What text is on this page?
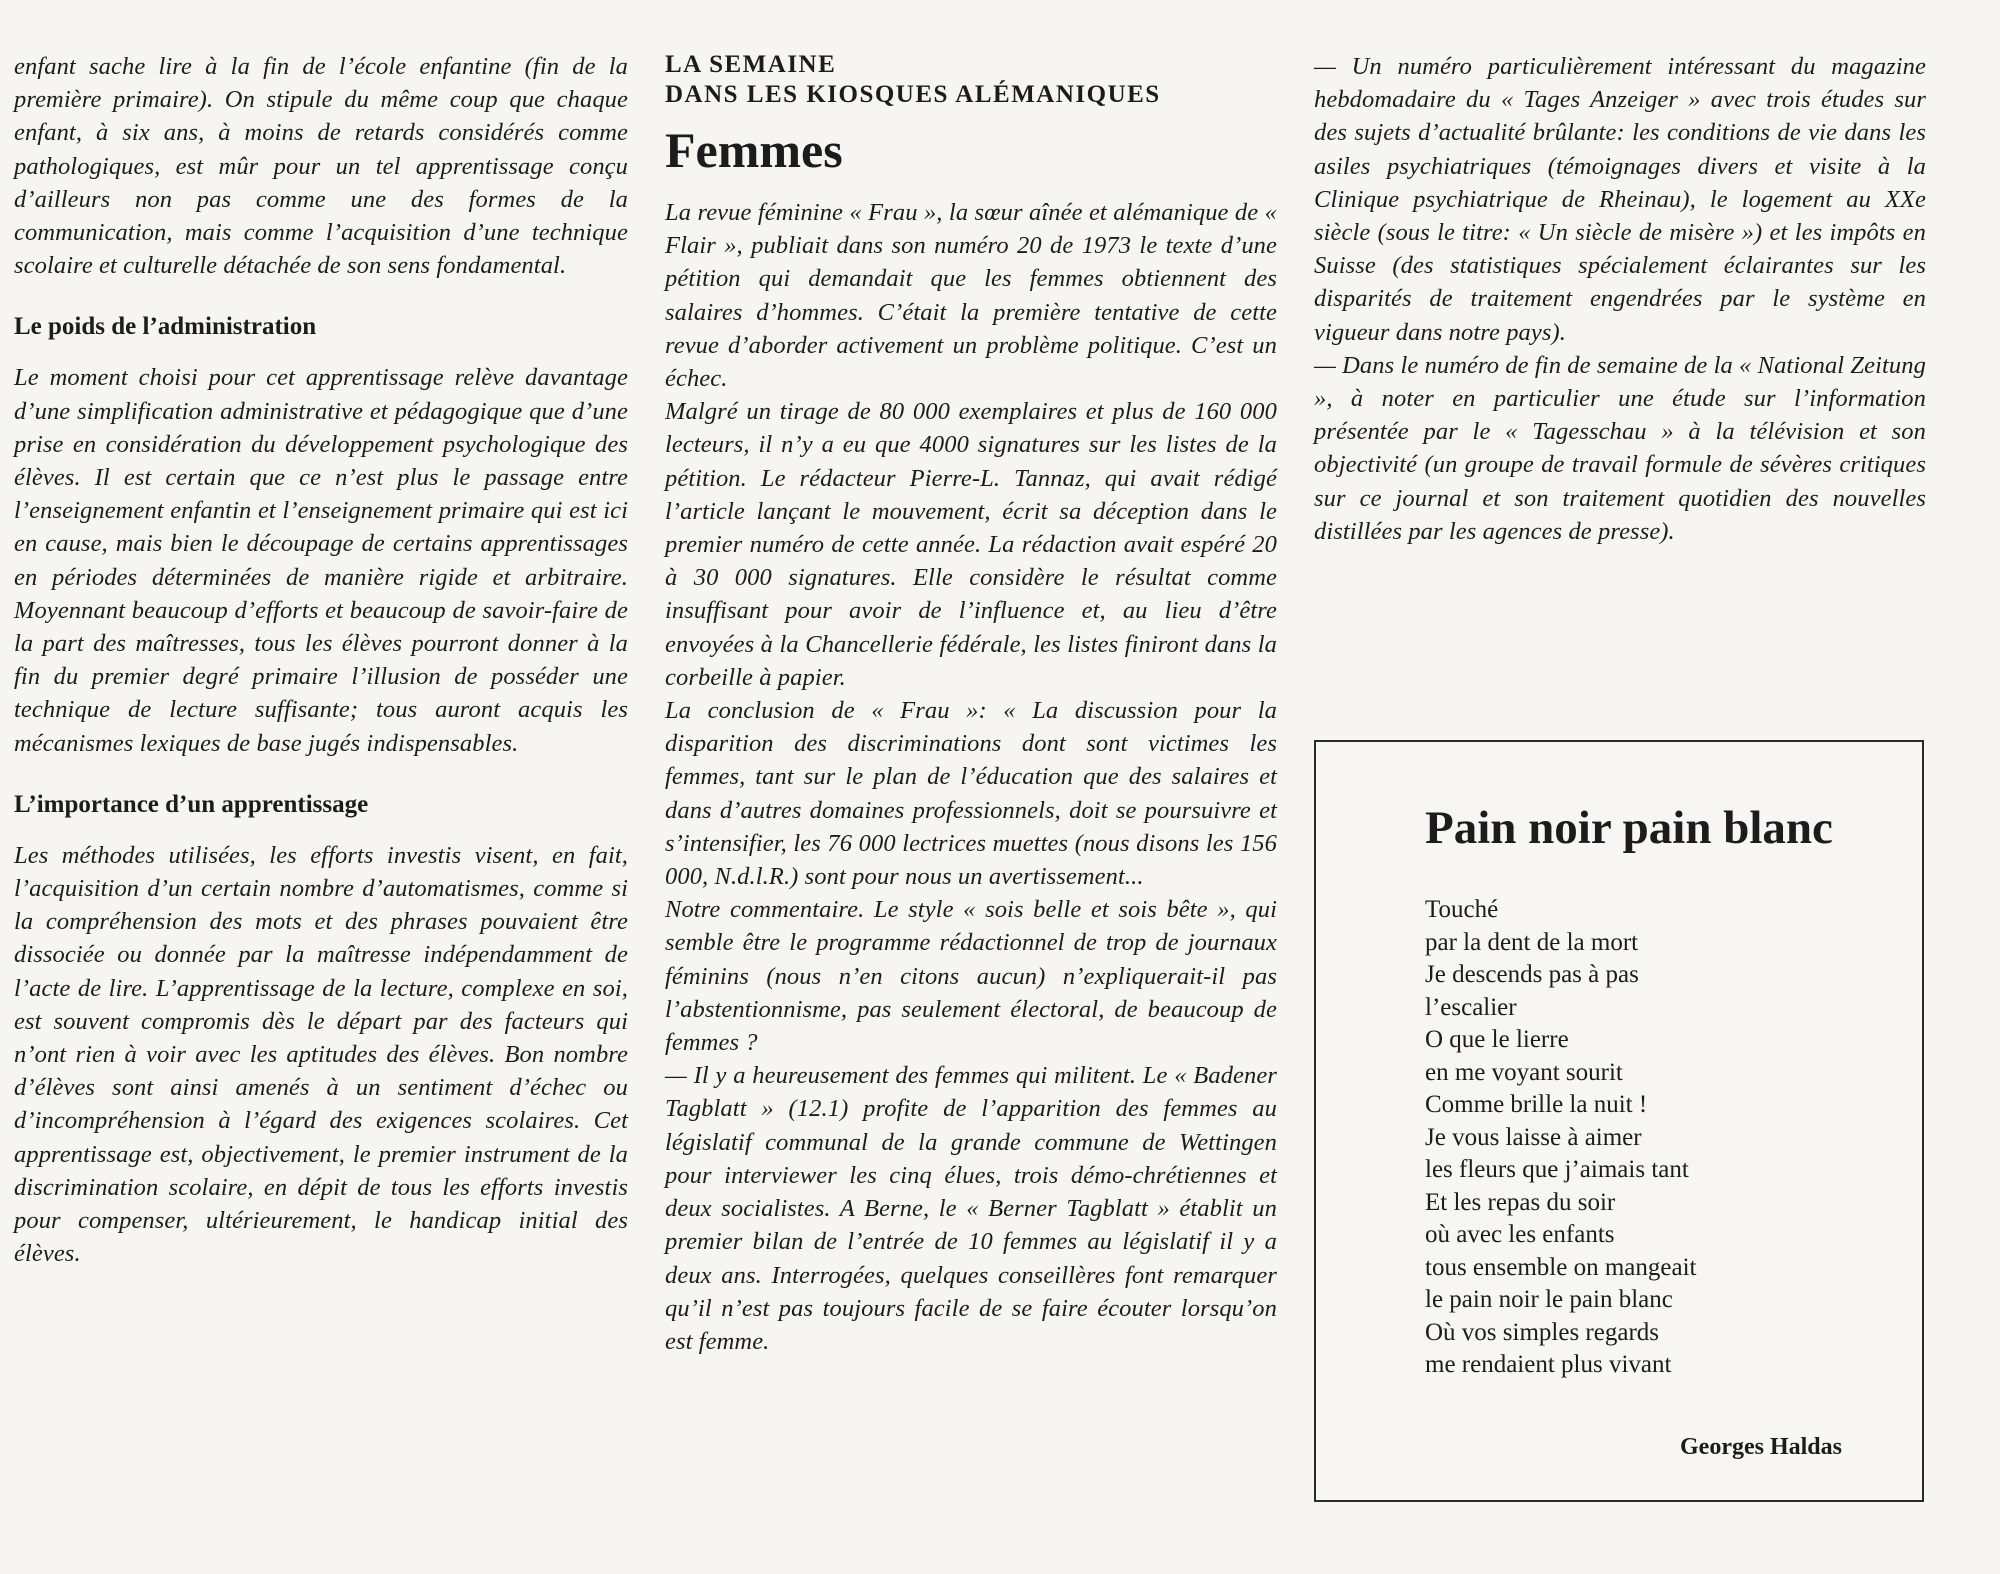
enfant sache lire à la fin de l’école enfantine (fin de la première primaire). On stipule du même coup que chaque enfant, à six ans, à moins de retards considérés comme pathologiques, est mûr pour un tel apprentissage conçu d’ailleurs non pas comme une des formes de la communication, mais comme l’acquisition d’une technique scolaire et culturelle détachée de son sens fondamental.

Le poids de l’administration

Le moment choisi pour cet apprentissage relève davantage d’une simplification administrative et pédagogique que d’une prise en considération du développement psychologique des élèves. Il est certain que ce n’est plus le passage entre l’enseignement enfantin et l’enseignement primaire qui est ici en cause, mais bien le découpage de certains apprentissages en périodes déterminées de manière rigide et arbitraire. Moyennant beaucoup d’efforts et beaucoup de savoir-faire de la part des maîtresses, tous les élèves pourront donner à la fin du premier degré primaire l’illusion de posséder une technique de lecture suffisante; tous auront acquis les mécanismes lexiques de base jugés indispensables.

L’importance d’un apprentissage

Les méthodes utilisées, les efforts investis visent, en fait, l’acquisition d’un certain nombre d’automatismes, comme si la compréhension des mots et des phrases pouvaient être dissociée ou donnée par la maîtresse indépendamment de l’acte de lire. L’apprentissage de la lecture, complexe en soi, est souvent compromis dès le départ par des facteurs qui n’ont rien à voir avec les aptitudes des élèves. Bon nombre d’élèves sont ainsi amenés à un sentiment d’échec ou d’incompréhension à l’égard des exigences scolaires. Cet apprentissage est, objectivement, le premier instrument de la discrimination scolaire, en dépit de tous les efforts investis pour compenser, ultérieurement, le handicap initial des élèves.

LA SEMAINE

DANS LES KIOSQUES ALÉMANIQUES

Femmes

La revue féminine « Frau », la sœur aînée et alémanique de « Flair », publiait dans son numéro 20 de 1973 le texte d’une pétition qui demandait que les femmes obtiennent des salaires d’hommes. C’était la première tentative de cette revue d’aborder activement un problème politique. C’est un échec.

Malgré un tirage de 80 000 exemplaires et plus de 160 000 lecteurs, il n’y a eu que 4000 signatures sur les listes de la pétition. Le rédacteur Pierre-L. Tannaz, qui avait rédigé l’article lançant le mouvement, écrit sa déception dans le premier numéro de cette année. La rédaction avait espéré 20 à 30 000 signatures. Elle considère le résultat comme insuffisant pour avoir de l’influence et, au lieu d’être envoyées à la Chancellerie fédérale, les listes finiront dans la corbeille à papier.

La conclusion de « Frau »: « La discussion pour la disparition des discriminations dont sont victimes les femmes, tant sur le plan de l’éducation que des salaires et dans d’autres domaines professionnels, doit se poursuivre et s’intensifier, les 76 000 lectrices muettes (nous disons les 156 000, N.d.l.R.) sont pour nous un avertissement...

Notre commentaire. Le style « sois belle et sois bête », qui semble être le programme rédactionnel de trop de journaux féminins (nous n’en citons aucun) n’expliquerait-il pas l’abstentionnisme, pas seulement électoral, de beaucoup de femmes ?

— Il y a heureusement des femmes qui militent. Le « Badener Tagblatt » (12.1) profite de l’apparition des femmes au législatif communal de la grande commune de Wettingen pour interviewer les cinq élues, trois démo-chrétiennes et deux socialistes. A Berne, le « Berner Tagblatt » établit un premier bilan de l’entrée de 10 femmes au législatif il y a deux ans. Interrogées, quelques conseillères font remarquer qu’il n’est pas toujours facile de se faire écouter lorsqu’on est femme.

— Un numéro particulièrement intéressant du magazine hebdomadaire du « Tages Anzeiger » avec trois études sur des sujets d’actualité brûlante: les conditions de vie dans les asiles psychiatriques (témoignages divers et visite à la Clinique psychiatrique de Rheinau), le logement au XXe siècle (sous le titre: « Un siècle de misère ») et les impôts en Suisse (des statistiques spécialement éclairantes sur les disparités de traitement engendrées par le système en vigueur dans notre pays).

— Dans le numéro de fin de semaine de la « National Zeitung », à noter en particulier une étude sur l’information présentée par le « Tagesschau » à la télévision et son objectivité (un groupe de travail formule de sévères critiques sur ce journal et son traitement quotidien des nouvelles distillées par les agences de presse).

Pain noir pain blanc
Touché
par la dent de la mort
Je descends pas à pas
l’escalier
O que le lierre
en me voyant sourit
Comme brille la nuit !
Je vous laisse à aimer
les fleurs que j’aimais tant
Et les repas du soir
où avec les enfants
tous ensemble on mangeait
le pain noir le pain blanc
Où vos simples regards
me rendaient plus vivant
Georges Haldas
